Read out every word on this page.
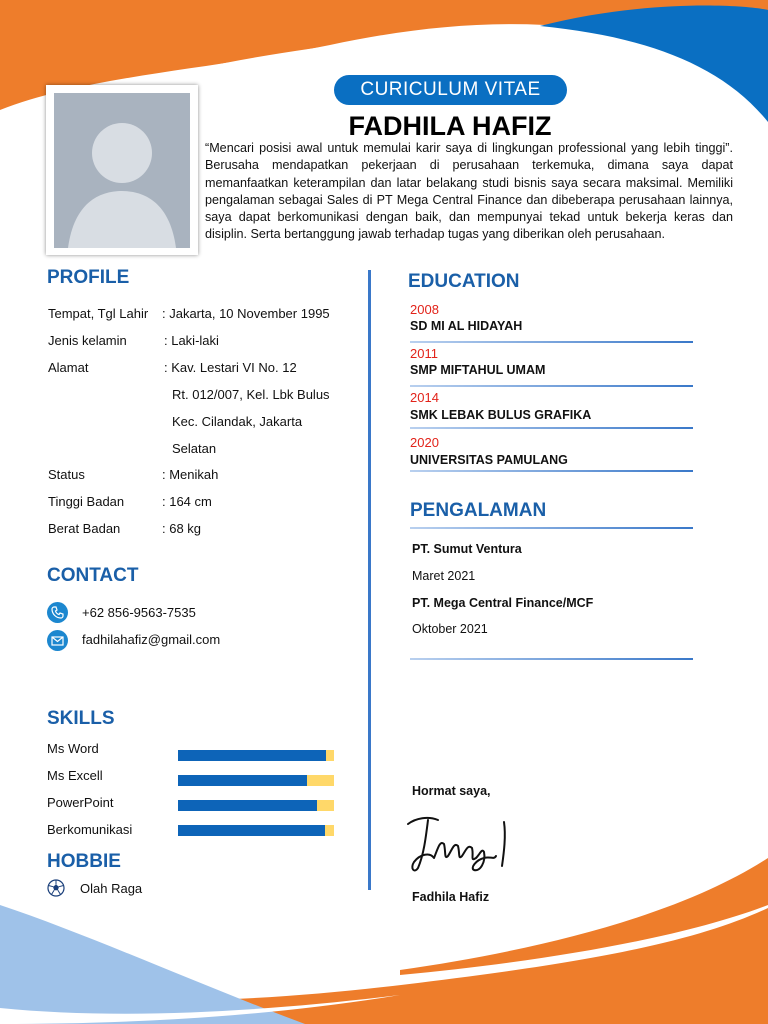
CURICULUM VITAE
FADHILA HAFIZ

“Mencari posisi awal untuk memulai karir saya di lingkungan professional yang lebih tinggi”. Berusaha mendapatkan pekerjaan di perusahaan terkemuka, dimana saya dapat memanfaatkan keterampilan dan latar belakang studi bisnis saya secara maksimal. Memiliki pengalaman sebagai Sales di PT Mega Central Finance dan dibeberapa perusahaan lainnya, saya dapat berkomunikasi dengan baik, dan mempunyai tekad untuk bekerja keras dan disiplin. Serta bertanggung jawab terhadap tugas yang diberikan oleh perusahaan.

PROFILE
Tempat, Tgl Lahir	: Jakarta, 10 November 1995
Jenis kelamin	: Laki-laki
Alamat	: Kav. Lestari VI No. 12
Rt. 012/007, Kel. Lbk Bulus
Kec. Cilandak, Jakarta
Selatan
Status	: Menikah
Tinggi Badan	: 164 cm
Berat Badan	: 68 kg
CONTACT
+62 856-9563-7535
fadhilahafiz@gmail.com
SKILLS
Ms Word
Ms Excell
PowerPoint
Berkomunikasi
HOBBIE
Olah Raga
EDUCATION
2008
SD MI AL HIDAYAH
2011
SMP MIFTAHUL UMAM
2014
SMK LEBAK BULUS GRAFIKA
2020
UNIVERSITAS PAMULANG
PENGALAMAN
PT. Sumut Ventura
Maret 2021
PT. Mega Central Finance/MCF
Oktober 2021
Hormat saya,
Fadhila Hafiz
